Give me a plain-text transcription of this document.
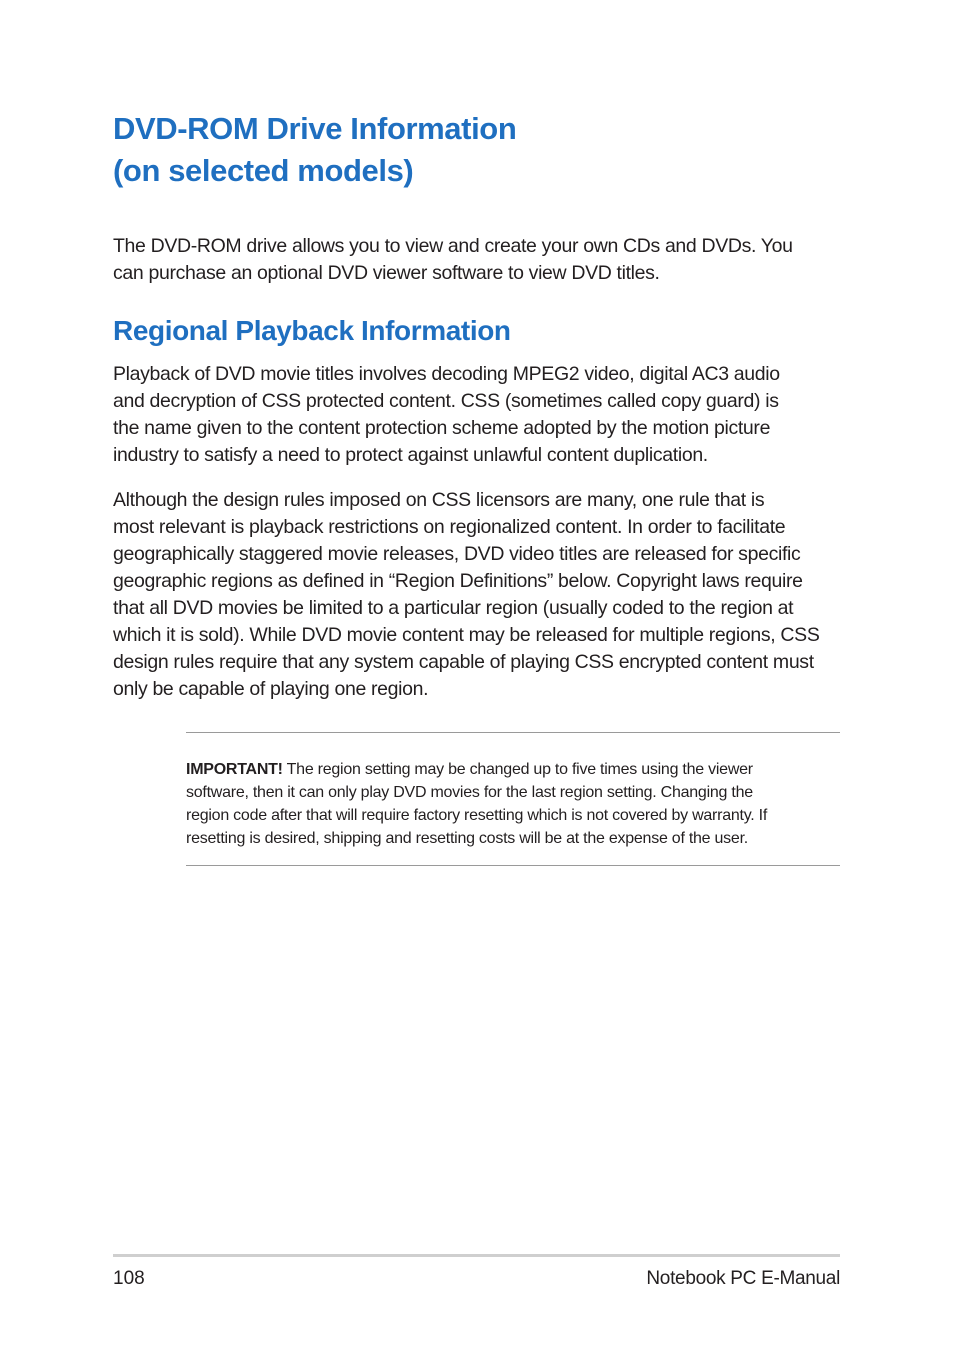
DVD-ROM Drive Information
(on selected models)

The DVD-ROM drive allows you to view and create your own CDs and DVDs. You
can purchase an optional DVD viewer software to view DVD titles.

Regional Playback Information

Playback of DVD movie titles involves decoding MPEG2 video, digital AC3 audio
and decryption of CSS protected content. CSS (sometimes called copy guard) is
the name given to the content protection scheme adopted by the motion picture
industry to satisfy a need to protect against unlawful content duplication.

Although the design rules imposed on CSS licensors are many, one rule that is
most relevant is playback restrictions on regionalized content. In order to facilitate
geographically staggered movie releases, DVD video titles are released for specific
geographic regions as defined in “Region Definitions” below. Copyright laws require
that all DVD movies be limited to a particular region (usually coded to the region at
which it is sold). While DVD movie content may be released for multiple regions, CSS
design rules require that any system capable of playing CSS encrypted content must
only be capable of playing one region.

IMPORTANT! The region setting may be changed up to five times using the viewer
software, then it can only play DVD movies for the last region setting. Changing the
region code after that will require factory resetting which is not covered by warranty. If
resetting is desired, shipping and resetting costs will be at the expense of the user.

108	Notebook PC E-Manual
